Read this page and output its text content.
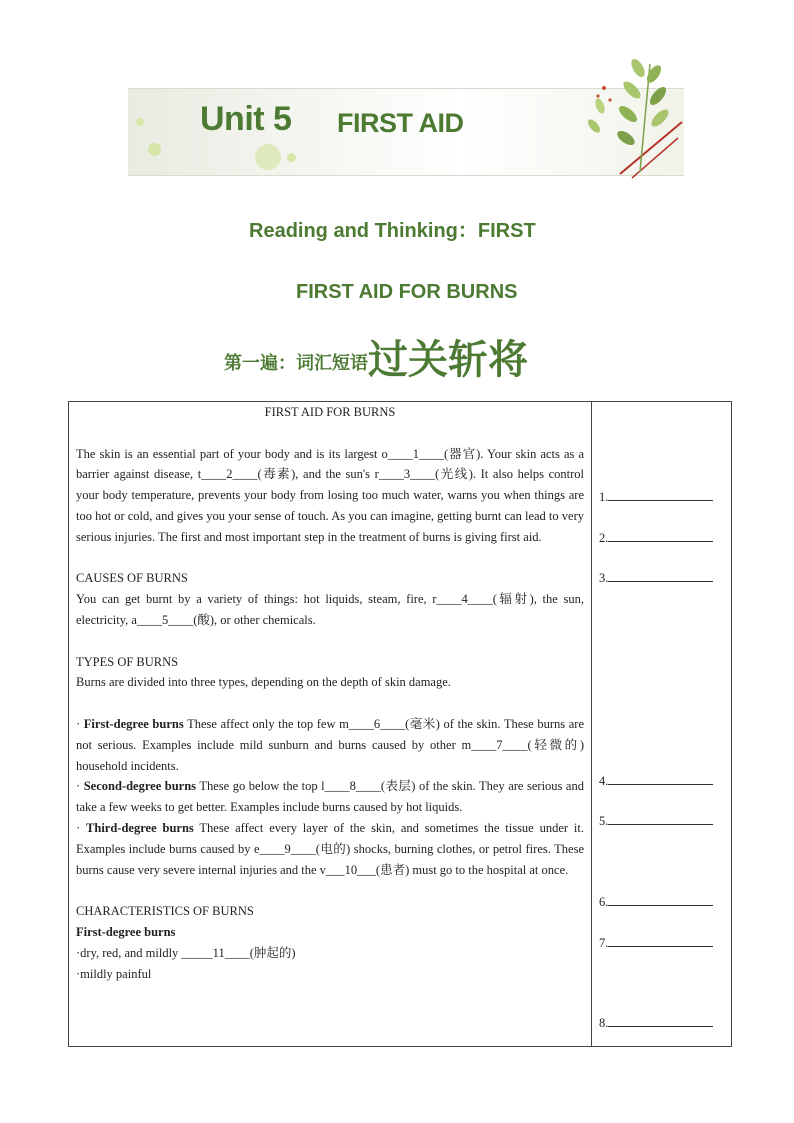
Unit 5 FIRST AID
Reading and Thinking：FIRST
FIRST AID FOR BURNS
第一遍：词汇短语过关斩将

FIRST AID FOR BURNS

The skin is an essential part of your body and is its largest o____1____(器官). Your skin acts as a barrier against disease, t____2____(毒素), and the sun's r____3____(光线). It also helps control your body temperature, prevents your body from losing too much water, warns you when things are too hot or cold, and gives you your sense of touch. As you can imagine, getting burnt can lead to very serious injuries. The first and most important step in the treatment of burns is giving first aid.

CAUSES OF BURNS

You can get burnt by a variety of things: hot liquids, steam, fire, r____4____(辐射), the sun, electricity, a____5____(酸), or other chemicals.

TYPES OF BURNS

Burns are divided into three types, depending on the depth of skin damage.

· First-degree burns These affect only the top few m____6____(毫米) of the skin. These burns are not serious. Examples include mild sunburn and burns caused by other m____7____(轻微的) household incidents.

· Second-degree burns These go below the top l____8____(表层) of the skin. They are serious and take a few weeks to get better. Examples include burns caused by hot liquids.

· Third-degree burns These affect every layer of the skin, and sometimes the tissue under it. Examples include burns caused by e____9____(电的) shocks, burning clothes, or petrol fires. These burns cause very severe internal injuries and the v___10___(患者) must go to the hospital at once.

CHARACTERISTICS OF BURNS

First-degree burns

·dry, red, and mildly _____11____(肿起的)

·mildly painful

1.
2.
3.
4.
5.
6.
7.
8.
